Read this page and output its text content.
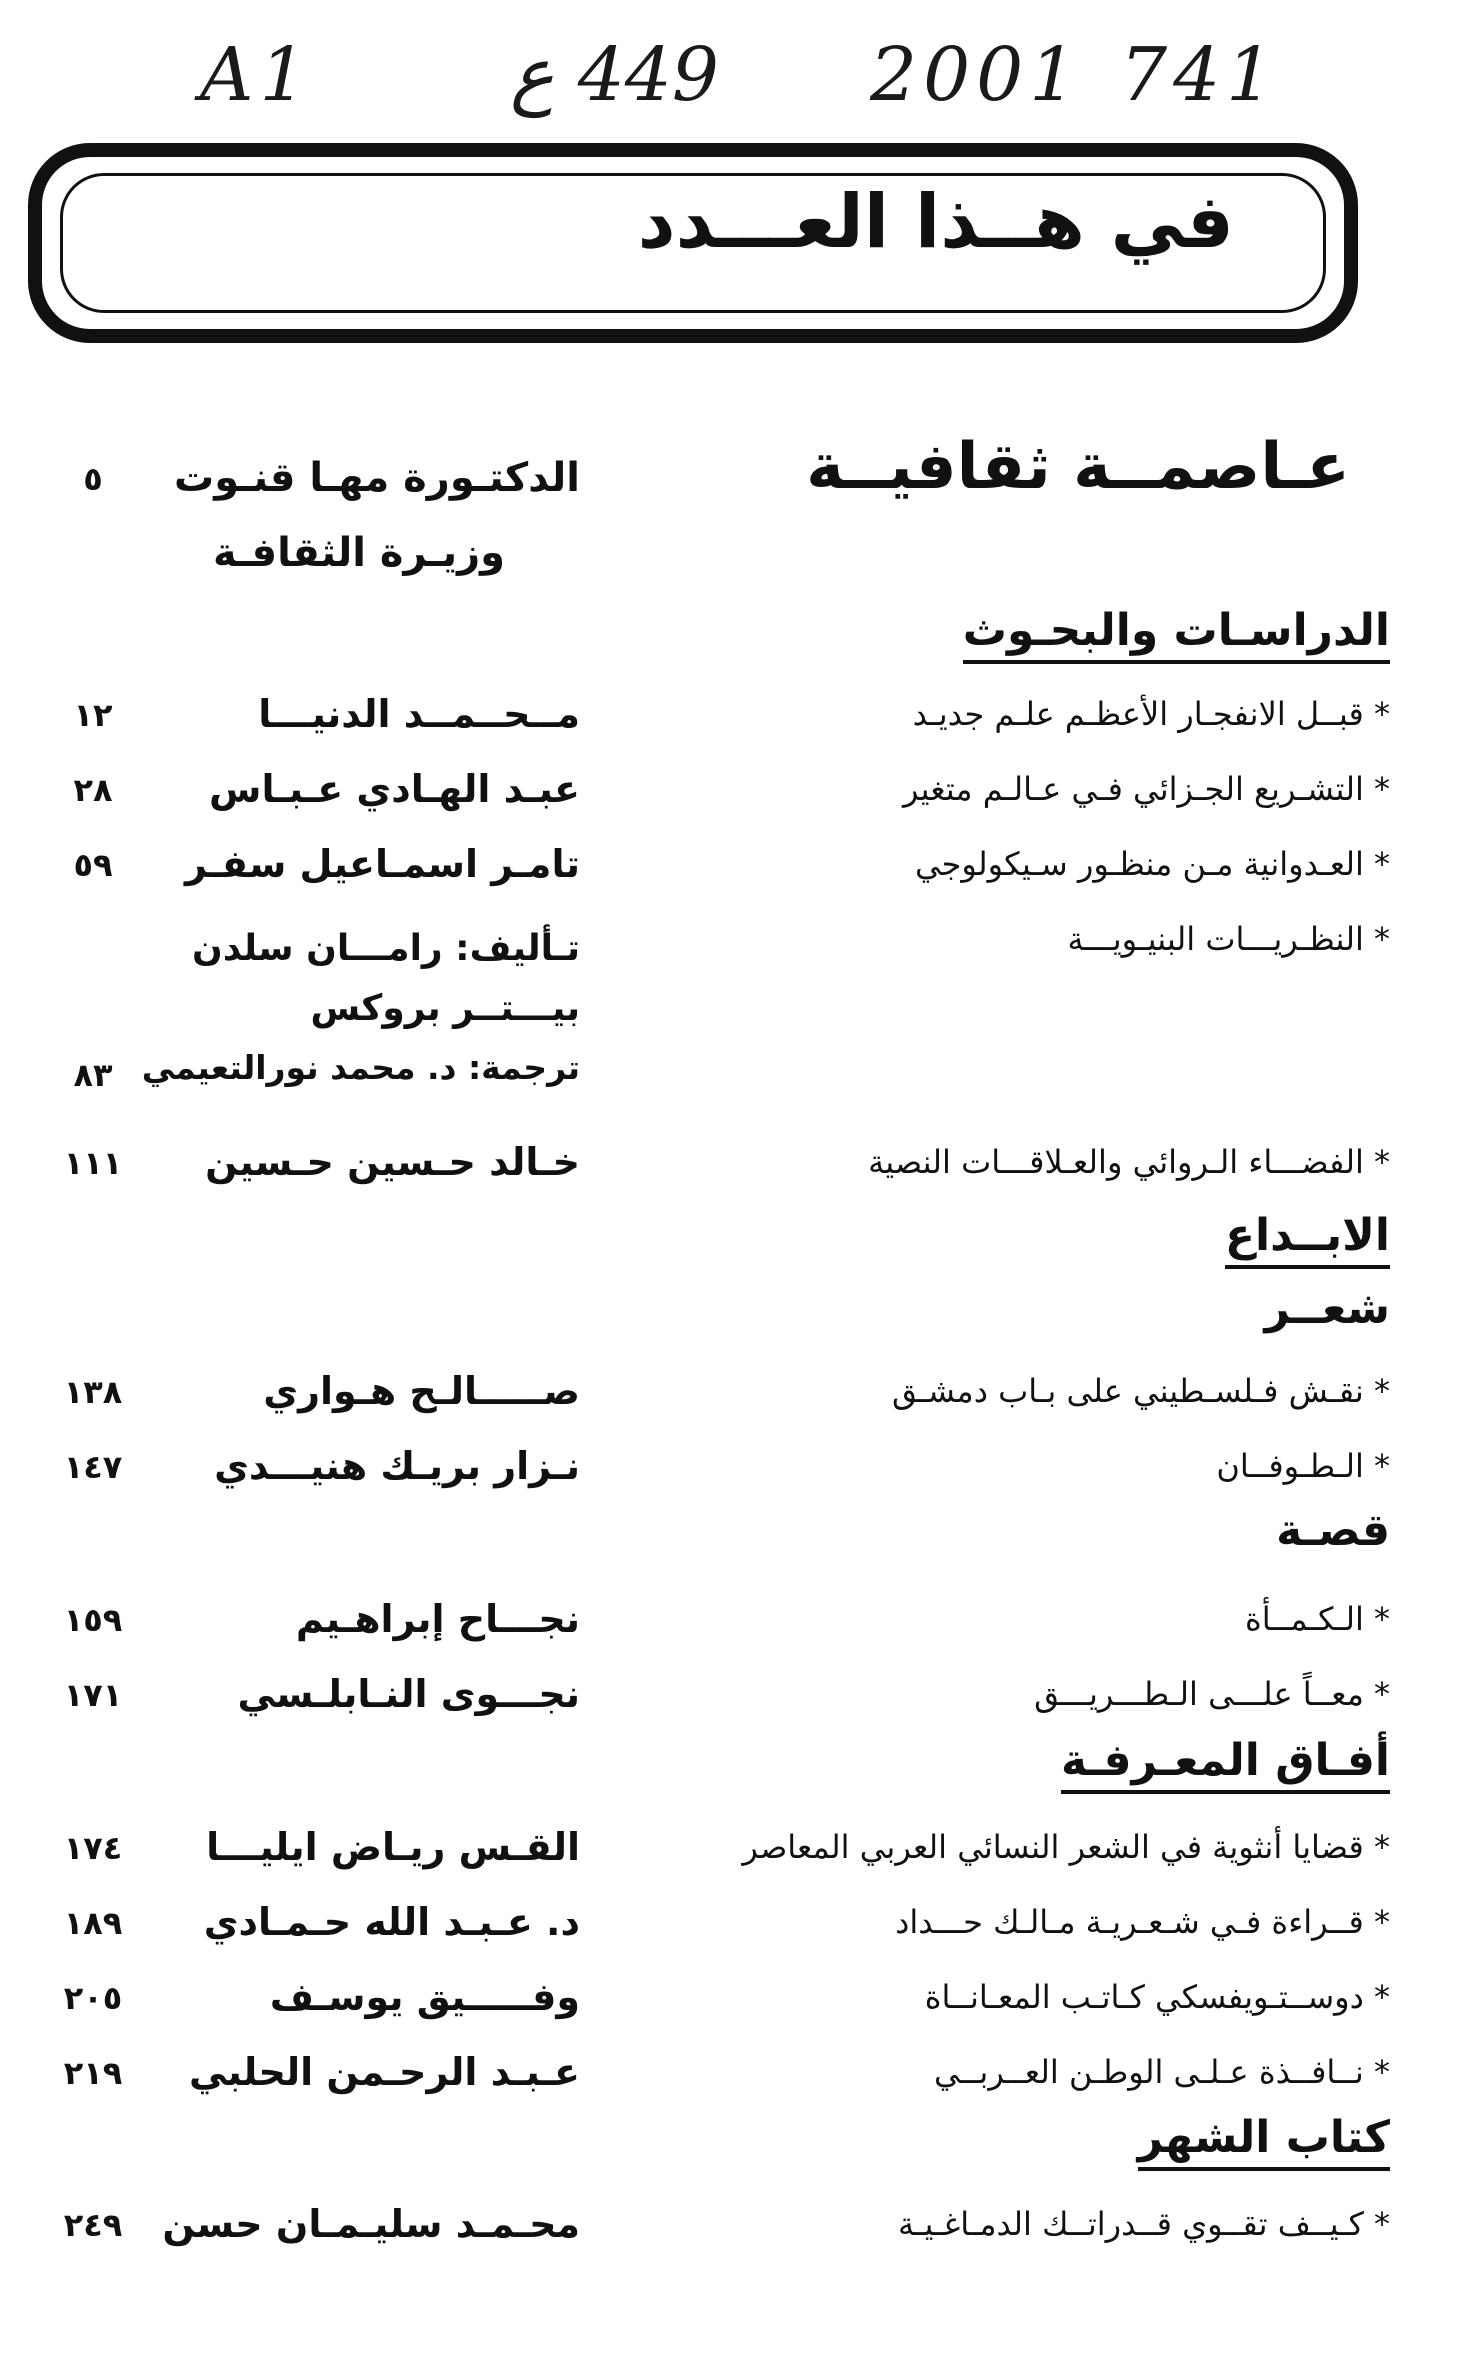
A1	449 ع 2001 741
في هــذا العـــدد
عـاصمــة ثقافيــة
الدكتـورة مهـا قنـوت
وزيـرة الثقافـة
٥
الدراسـات والبحـوث
* قبــل الانفجـار الأعظـم علـم جديـد
مــحــمــد الدنيـــا
١٢
* التشـريع الجـزائي فـي عـالـم متغير
عبـد الهـادي عـبـاس
٢٨
* العـدوانية مـن منظـور سـيكولوجي
تامـر اسمـاعيل سفـر
٥٩
* النظـريـــات البنيـويـــة
تـأليف: رامـــان سلدن
بيـــتــر بروكس
ترجمة: د. محمد نورالتعيمي
٨٣
* الفضـــاء الـروائي والعـلاقـــات النصية
خـالد حـسين حـسين
١١١
الابــداع
شعــر
* نقـش فـلسـطيني على بـاب دمشـق
صـــــالـح هـواري
١٣٨
* الـطـوفــان
نـزار بريـك هنيـــدي
١٤٧
قصـة
* الـكـمــأة
نجـــاح إبراهـيم
١٥٩
* معــاً علـــى الـطـــريـــق
نجـــوى النـابلـسي
١٧١
أفـاق المعـرفـة
* قضايا أنثوية في الشعر النسائي العربي المعاصر
القـس ريـاض ايليـــا
١٧٤
* قــراءة فـي شـعـريـة مـالـك حـــداد
د. عـبـد الله حـمـادي
١٨٩
* دوســتـويفسكي كـاتـب المعـانــاة
وفـــــيق يوسـف
٢٠٥
* نــافــذة عـلـى الوطـن العــربــي
عـبـد الرحـمن الحلبي
٢١٩
كتاب الشهر
* كـيــف تقــوي قــدراتــك الدمـاغـيـة
محـمـد سليـمـان حسن
٢٤٩
